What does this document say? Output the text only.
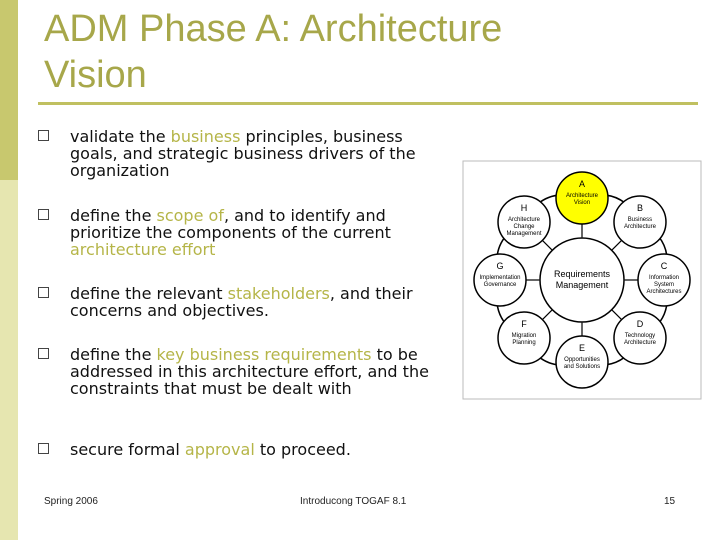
ADM Phase A: Architecture
Vision
validate the business principles, business goals, and strategic business drivers of the organization
define the scope of, and to identify and prioritize the components of the current architecture effort
define the relevant stakeholders, and their concerns and objectives.
define the key business requirements to be addressed in this architecture effort, and the constraints that must be dealt with
secure formal approval to proceed.
Requirements
Management
A
Architecture
Vision
B
Business
Architecture
C
Information
System
Architectures
D
Technology
Architecture
E
Opportunities
and Solutions
F
Migration
Planning
G
Implementation
Governance
H
Architecture
Change
Management
Spring 2006	Introducong TOGAF 8.1	15
